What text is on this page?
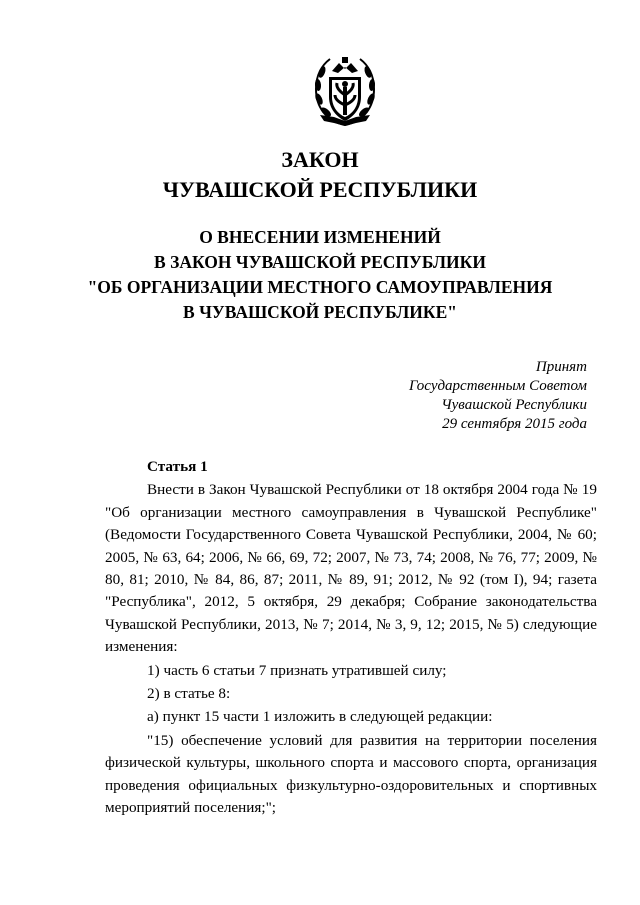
ЗАКОН
ЧУВАШСКОЙ РЕСПУБЛИКИ
О ВНЕСЕНИИ ИЗМЕНЕНИЙ
В ЗАКОН ЧУВАШСКОЙ РЕСПУБЛИКИ
"ОБ ОРГАНИЗАЦИИ МЕСТНОГО САМОУПРАВЛЕНИЯ
В ЧУВАШСКОЙ РЕСПУБЛИКЕ"
Принят
Государственным Советом
Чувашской Республики
29 сентября 2015 года
Статья 1

Внести в Закон Чувашской Республики от 18 октября 2004 года № 19 "Об организации местного самоуправления в Чувашской Республике" (Ведомости Государственного Совета Чувашской Республики, 2004, № 60; 2005, № 63, 64; 2006, № 66, 69, 72; 2007, № 73, 74; 2008, № 76, 77; 2009, № 80, 81; 2010, № 84, 86, 87; 2011, № 89, 91; 2012, № 92 (том I), 94; газета "Республика", 2012, 5 октября, 29 декабря; Собрание законодательства Чувашской Республики, 2013, № 7; 2014, № 3, 9, 12; 2015, № 5) следующие изменения:

1) часть 6 статьи 7 признать утратившей силу;

2) в статье 8:

а) пункт 15 части 1 изложить в следующей редакции:

"15) обеспечение условий для развития на территории поселения физической культуры, школьного спорта и массового спорта, организация проведения официальных физкультурно-оздоровительных и спортивных мероприятий поселения;";
